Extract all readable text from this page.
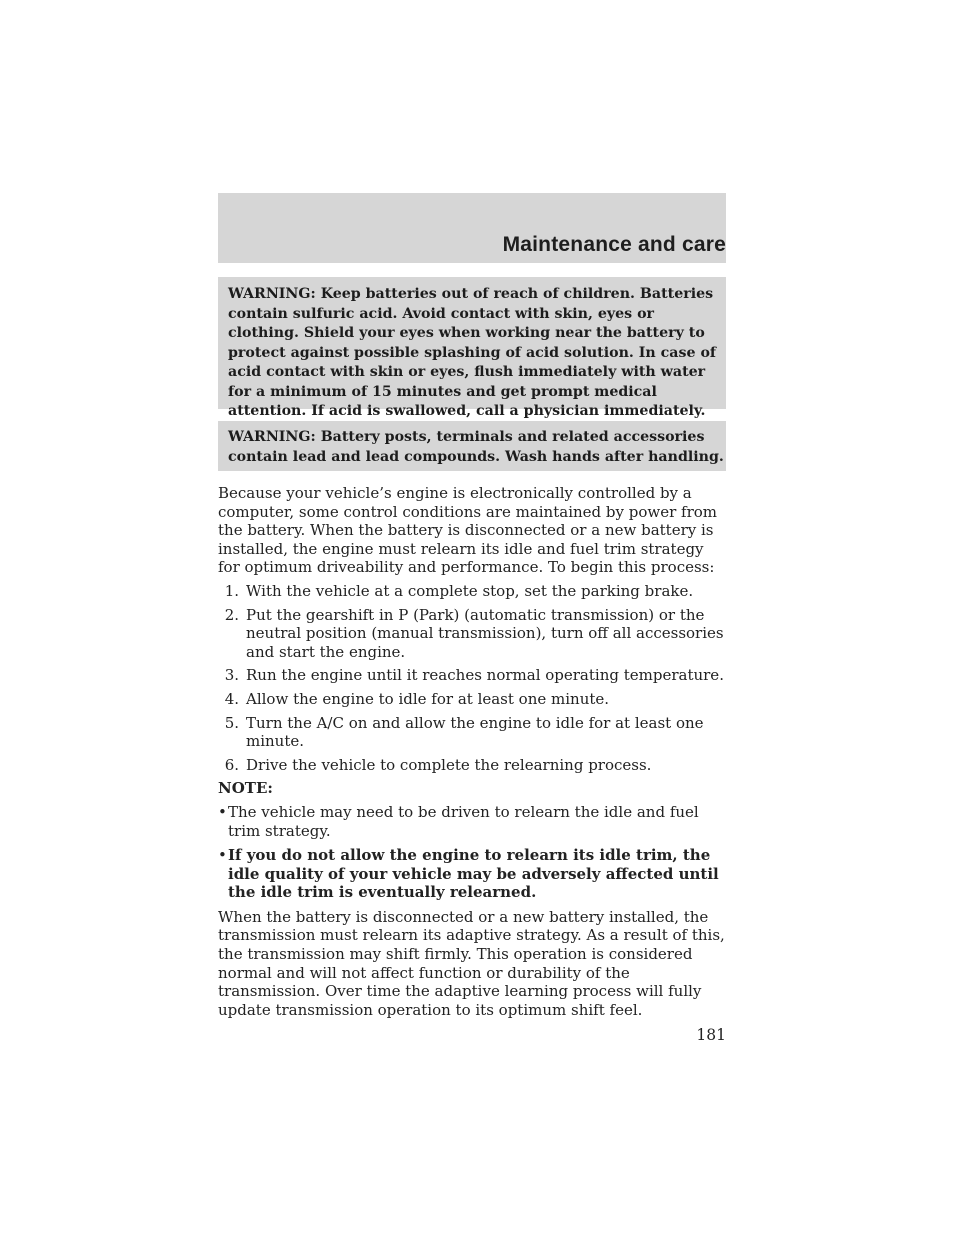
Maintenance and care

WARNING: Keep batteries out of reach of children. Batteries contain sulfuric acid. Avoid contact with skin, eyes or clothing. Shield your eyes when working near the battery to protect against possible splashing of acid solution. In case of acid contact with skin or eyes, flush immediately with water for a minimum of 15 minutes and get prompt medical attention. If acid is swallowed, call a physician immediately.

WARNING: Battery posts, terminals and related accessories contain lead and lead compounds. Wash hands after handling.

Because your vehicle’s engine is electronically controlled by a computer, some control conditions are maintained by power from the battery. When the battery is disconnected or a new battery is installed, the engine must relearn its idle and fuel trim strategy for optimum driveability and performance. To begin this process:

1. With the vehicle at a complete stop, set the parking brake.
2. Put the gearshift in P (Park) (automatic transmission) or the neutral position (manual transmission), turn off all accessories and start the engine.
3. Run the engine until it reaches normal operating temperature.
4. Allow the engine to idle for at least one minute.
5. Turn the A/C on and allow the engine to idle for at least one minute.
6. Drive the vehicle to complete the relearning process.

NOTE:

• The vehicle may need to be driven to relearn the idle and fuel trim strategy.
• If you do not allow the engine to relearn its idle trim, the idle quality of your vehicle may be adversely affected until the idle trim is eventually relearned.

When the battery is disconnected or a new battery installed, the transmission must relearn its adaptive strategy. As a result of this, the transmission may shift firmly. This operation is considered normal and will not affect function or durability of the transmission. Over time the adaptive learning process will fully update transmission operation to its optimum shift feel.

181
